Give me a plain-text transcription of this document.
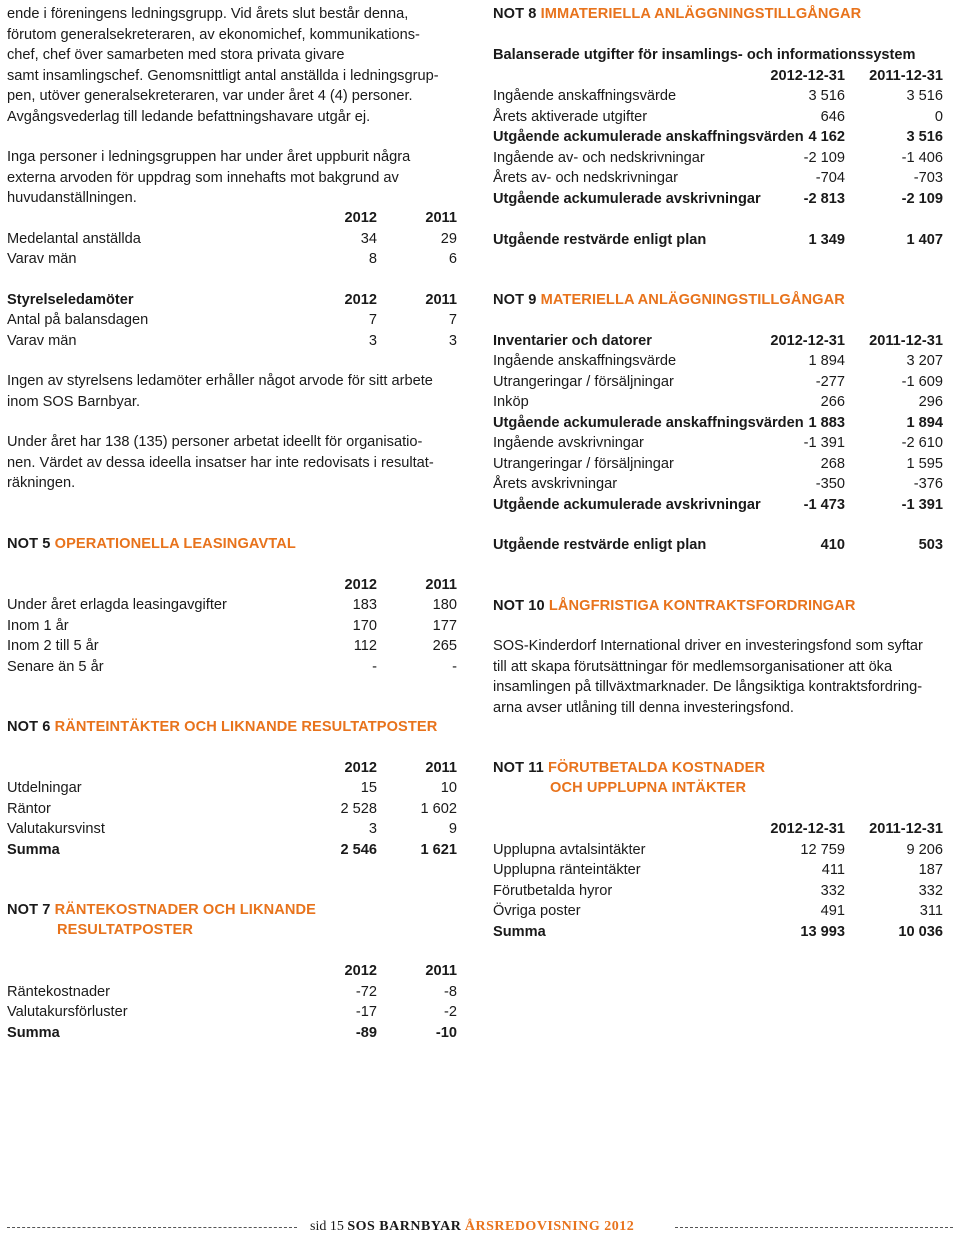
ende i föreningens ledningsgrupp. Vid årets slut består denna,
förutom generalsekreteraren, av ekonomichef, kommunikations-
chef, chef över samarbeten med stora privata givare
samt insamlingschef. Genomsnittligt antal anställda i ledningsgrup-
pen, utöver generalsekreteraren, var under året 4 (4) personer.
Avgångsvederlag till ledande befattningshavare utgår ej.
Inga personer i ledningsgruppen har under året uppburit några
externa arvoden för uppdrag som innehafts mot bakgrund av
huvudanställningen.
2012	2011
Medelantal anställda	34	29
Varav män	8	6
Styrelseledamöter	2012	2011
Antal på balansdagen	7	7
Varav män	3	3
Ingen av styrelsens ledamöter erhåller något arvode för sitt arbete
inom SOS Barnbyar.
Under året har 138 (135) personer arbetat ideellt för organisatio-
nen. Värdet av dessa ideella insatser har inte redovisats i resultat-
räkningen.
NOT 5 OPERATIONELLA LEASINGAVTAL
2012	2011
Under året erlagda leasingavgifter	183	180
Inom 1 år	170	177
Inom 2 till 5 år	112	265
Senare än 5 år	-	-
NOT 6 RÄNTEINTÄKTER OCH LIKNANDE RESULTATPOSTER
2012	2011
Utdelningar	15	10
Räntor	2 528	1 602
Valutakursvinst	3	9
Summa	2 546	1 621
NOT 7 RÄNTEKOSTNADER OCH LIKNANDE
RESULTATPOSTER
2012	2011
Räntekostnader	-72	-8
Valutakursförluster	-17	-2
Summa	-89	-10
NOT 8 IMMATERIELLA ANLÄGGNINGSTILLGÅNGAR
Balanserade utgifter för insamlings- och informationssystem
2012-12-31 2011-12-31
Ingående anskaffningsvärde	3 516	3 516
Årets aktiverade utgifter	646	0
Utgående ackumulerade anskaffningsvärden 4 162	3 516
Ingående av- och nedskrivningar	-2 109	-1 406
Årets av- och nedskrivningar	-704	-703
Utgående ackumulerade avskrivningar	-2 813	-2 109
Utgående restvärde enligt plan	1 349	1 407
NOT 9 MATERIELLA ANLÄGGNINGSTILLGÅNGAR
Inventarier och datorer	2012-12-31 2011-12-31
Ingående anskaffningsvärde	1 894	3 207
Utrangeringar / försäljningar	-277	-1 609
Inköp	266	296
Utgående ackumulerade anskaffningsvärden 1 883	1 894
Ingående avskrivningar	-1 391	-2 610
Utrangeringar / försäljningar	268	1 595
Årets avskrivningar	-350	-376
Utgående ackumulerade avskrivningar	-1 473	-1 391
Utgående restvärde enligt plan	410	503
NOT 10 LÅNGFRISTIGA KONTRAKTSFORDRINGAR
SOS-Kinderdorf International driver en investeringsfond som syftar
till att skapa förutsättningar för medlemsorganisationer att öka
insamlingen på tillväxtmarknader. De långsiktiga kontraktsfordring-
arna avser utlåning till denna investeringsfond.
NOT 11 FÖRUTBETALDA KOSTNADER
OCH UPPLUPNA INTÄKTER
2012-12-31 2011-12-31
Upplupna avtalsintäkter	12 759	9 206
Upplupna ränteintäkter	411	187
Förutbetalda hyror	332	332
Övriga poster	491	311
Summa	13 993	10 036
sid 15 SOS BARNBYAR ÅRSREDOVISNING 2012
